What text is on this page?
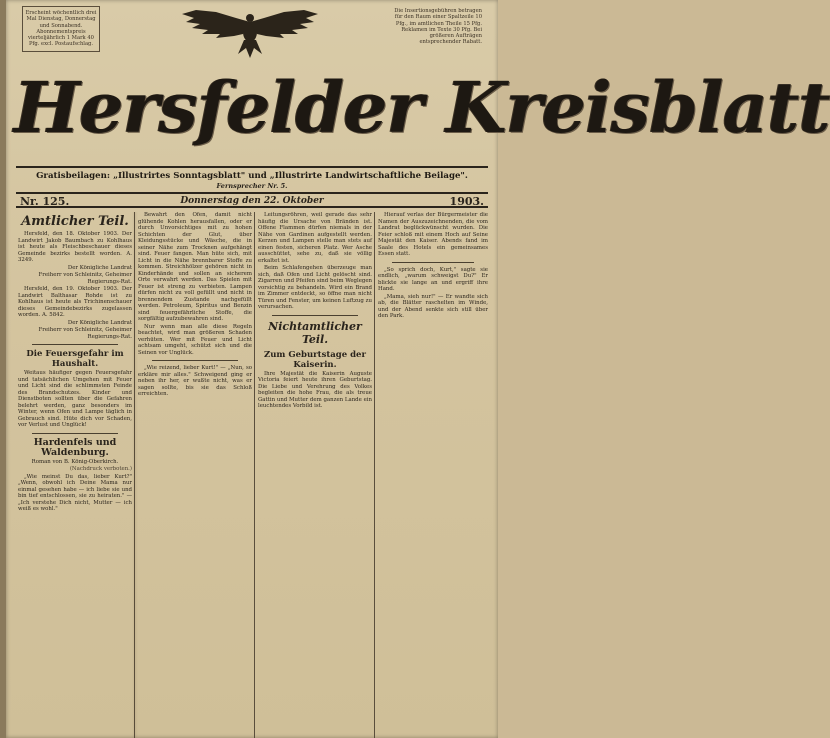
Erscheint wöchentlich drei Mal Dienstag, Donnerstag und Sonnabend. Abonnementspreis vierteljährlich 1 Mark 40 Pfg. excl. Postaufschlag.
Die Insertionsgebühren betragen für den Raum einer Spaltzeile 10 Pfg., im amtlichen Theile 15 Pfg. Reklamen im Texte 30 Pfg. Bei größeren Aufträgen entsprechender Rabatt.
Hersfelder Kreisblatt
Gratisbeilagen: „Illustrirtes Sonntagsblatt" und „Illustrirte Landwirtschaftliche Beilage".
Fernsprecher Nr. 5.
Nr. 125.	Donnerstag den 22. Oktober	1903.

Amtlicher Teil.

Hersfeld, den 18. Oktober 1903. Der Landwirt Jakob Baumbach zu Kohlhaus ist heute als Fleischbeschauer dieses Gemeinde bezirks bestellt worden. A. 3249.

Der Königliche Landrat

Freiherr von Schleinitz, Geheimer Regierungs-Rat.

Hersfeld, den 19. Oktober 1903. Der Landwirt Balthasar Rohde ist zu Kohlhaus ist heute als Trichinenschauer dieses Gemeindebezirks zugelassen worden. A. 5842.

Der Königliche Landrat

Freiherr von Schleinitz, Geheimer Regierungs-Rat.

Die Feuersgefahr im Haushalt.

Weitaus häufiger gegen Feuersgefahr und tatsächlichen Umgehen mit Feuer und Licht sind die schlimmsten Feinde des Brandschutzes. Kinder und Dienstboten sollten über die Gefahren belehrt werden, ganz besonders im Winter, wenn Ofen und Lampe täglich in Gebrauch sind. Hüte dich vor Schaden, vor Verlust und Unglück!

Hardenfels und Waldenburg.

Roman von B. König-Oberkirch.

(Nachdruck verboten.)

„Wie meinst Du das, lieber Kurt?" „Wenn, obwohl ich Deine Mama nur einmal gesehen habe — ich liebe sie und bin tief entschlossen, sie zu heiraten." — „Ich verstehe Dich nicht, Mutter — ich weiß es wohl."

Bewahrt den Ofen, damit nicht glühende Kohlen herausfallen, oder er durch Unvorsichtiges mit zu hohen Schichten der Glut, über Kleidungsstücke und Wäsche, die in seiner Nähe zum Trocknen aufgehängt sind. Feuer fangen. Man hüte sich, mit Licht in die Nähe brennbarer Stoffe zu kommen. Streichhölzer gehören nicht in Kinderhände und sollen an sicherem Orte verwahrt werden. Das Spielen mit Feuer ist streng zu verbieten. Lampen dürfen nicht zu voll gefüllt und nicht in brennendem Zustande nachgefüllt werden. Petroleum, Spiritus und Benzin sind feuergefährliche Stoffe, die sorgfältig aufzubewahren sind.

Nur wenn man alle diese Regeln beachtet, wird man größeren Schaden verhüten. Wer mit Feuer und Licht achtsam umgeht, schützt sich und die Seinen vor Unglück.

„Wie reizend, lieber Kurt!" — „Nun, so erkläre mir alles." Schweigend ging er neben ihr her, er wußte nicht, was er sagen sollte, bis sie das Schloß erreichten.

Leitungsröhren, weil gerade das sehr häufig die Ursache von Bränden ist. Offene Flammen dürfen niemals in der Nähe von Gardinen aufgestellt werden. Kerzen und Lampen stelle man stets auf einen festen, sicheren Platz. Wer Asche ausschüttet, sehe zu, daß sie völlig erkaltet ist.

Beim Schlafengehen überzeuge man sich, daß Ofen und Licht gelöscht sind. Zigarren und Pfeifen sind beim Weglegen vorsichtig zu behandeln. Wird ein Brand im Zimmer entdeckt, so öffne man nicht Türen und Fenster, um keinen Luftzug zu verursachen.

Nichtamtlicher Teil.

Zum Geburtstage der Kaiserin.

Ihre Majestät die Kaiserin Auguste Victoria feiert heute ihren Geburtstag. Die Liebe und Verehrung des Volkes begleiten die hohe Frau, die als treue Gattin und Mutter dem ganzen Lande ein leuchtendes Vorbild ist.

Hierauf verlas der Bürgermeister die Namen der Auszuzeichnenden, die vom Landrat beglückwünscht wurden. Die Feier schloß mit einem Hoch auf Seine Majestät den Kaiser. Abends fand im Saale des Hotels ein gemeinsames Essen statt.

„So sprich doch, Kurt," sagte sie endlich, „warum schweigst Du?" Er blickte sie lange an und ergriff ihre Hand.

„Mama, sieh nur!" — Er wandte sich ab, die Blätter raschelten im Winde, und der Abend senkte sich still über den Park.
